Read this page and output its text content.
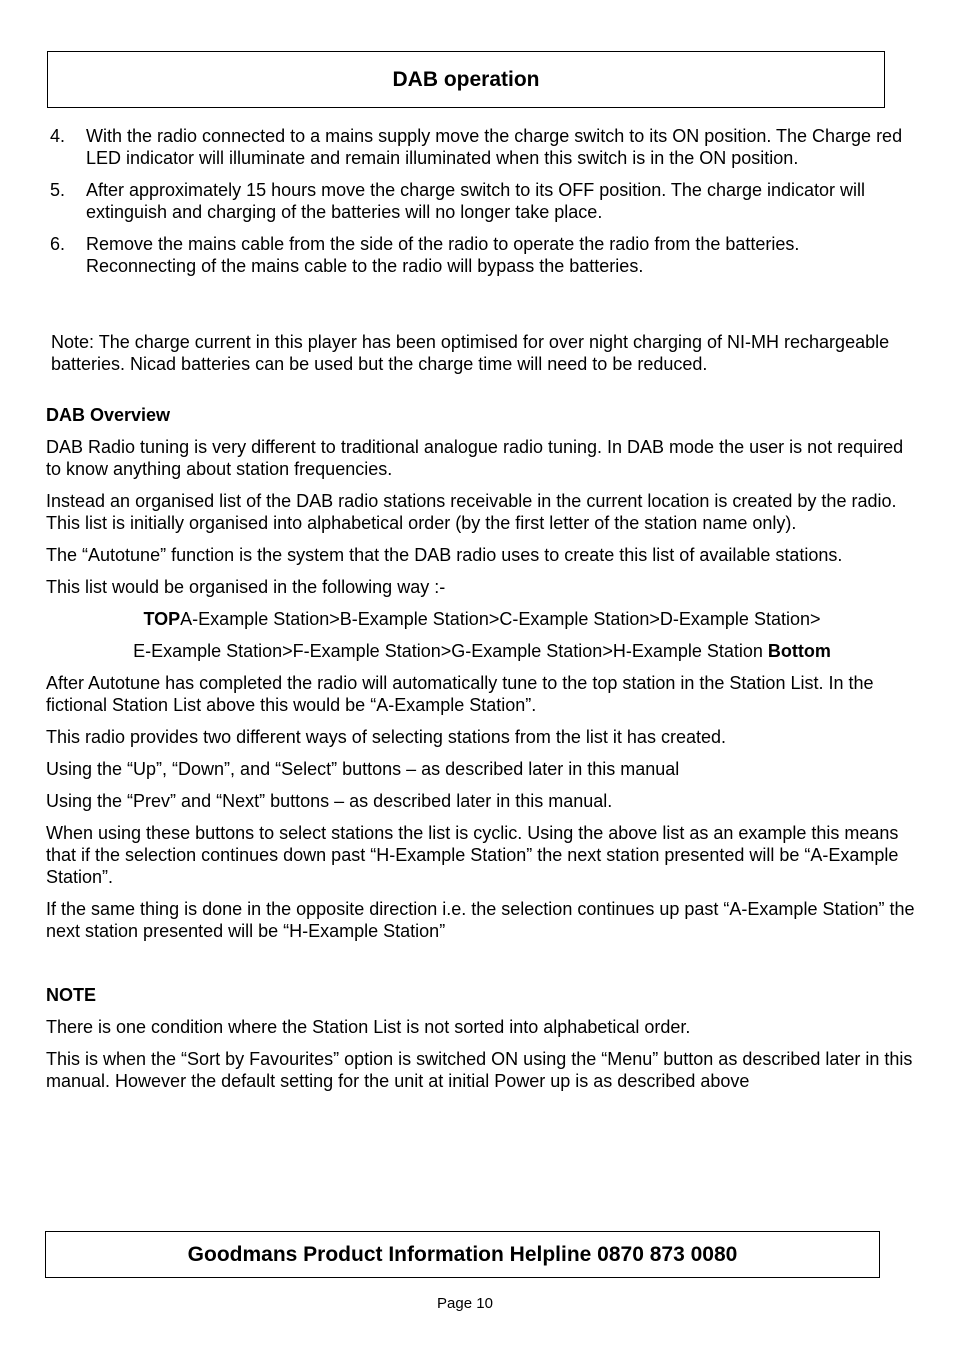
DAB operation
4.	With the radio connected to a mains supply move the charge switch to its ON position. The Charge red LED indicator will illuminate and remain illuminated when this switch is in the ON position.
5.	After approximately 15 hours move the charge switch to its OFF position. The charge indicator will extinguish and charging of the batteries will no longer take place.
6.	Remove the mains cable from the side of the radio to operate the radio from the batteries. Reconnecting of the mains cable to the radio will bypass the batteries.
Note: The charge current in this player has been optimised for over night charging of NI-MH rechargeable batteries. Nicad batteries can be used but the charge time will need to be reduced.
DAB Overview

DAB Radio tuning is very different to traditional analogue radio tuning. In DAB mode the user is not required to know anything about station frequencies.

Instead an organised list of the DAB radio stations receivable in the current location is created by the radio. This list is initially organised into alphabetical order (by the first letter of the station name only).

The “Autotune” function is the system that the DAB radio uses to create this list of available stations.

This list would be organised in the following way :-

TOPA-Example Station>B-Example Station>C-Example Station>D-Example Station>

E-Example Station>F-Example Station>G-Example Station>H-Example Station Bottom

After Autotune has completed the radio will automatically tune to the top station in the Station List. In the fictional Station List above this would be “A-Example Station”.

This radio provides two different ways of selecting stations from the list it has created.

Using the “Up”, “Down”, and “Select” buttons – as described later in this manual

Using the “Prev” and “Next” buttons – as described later in this manual.

When using these buttons to select stations the list is cyclic. Using the above list as an example this means that if the selection continues down past “H-Example Station” the next station presented will be “A-Example Station”.

If the same thing is done in the opposite direction i.e. the selection continues up past “A-Example Station” the next station presented will be “H-Example Station”

NOTE

There is one condition where the Station List is not sorted into alphabetical order.

This is when the “Sort by Favourites” option is switched ON using the “Menu” button as described later in this manual. However the default setting for the unit at initial Power up is as described above

Goodmans Product Information Helpline 0870 873 0080
Page 10
